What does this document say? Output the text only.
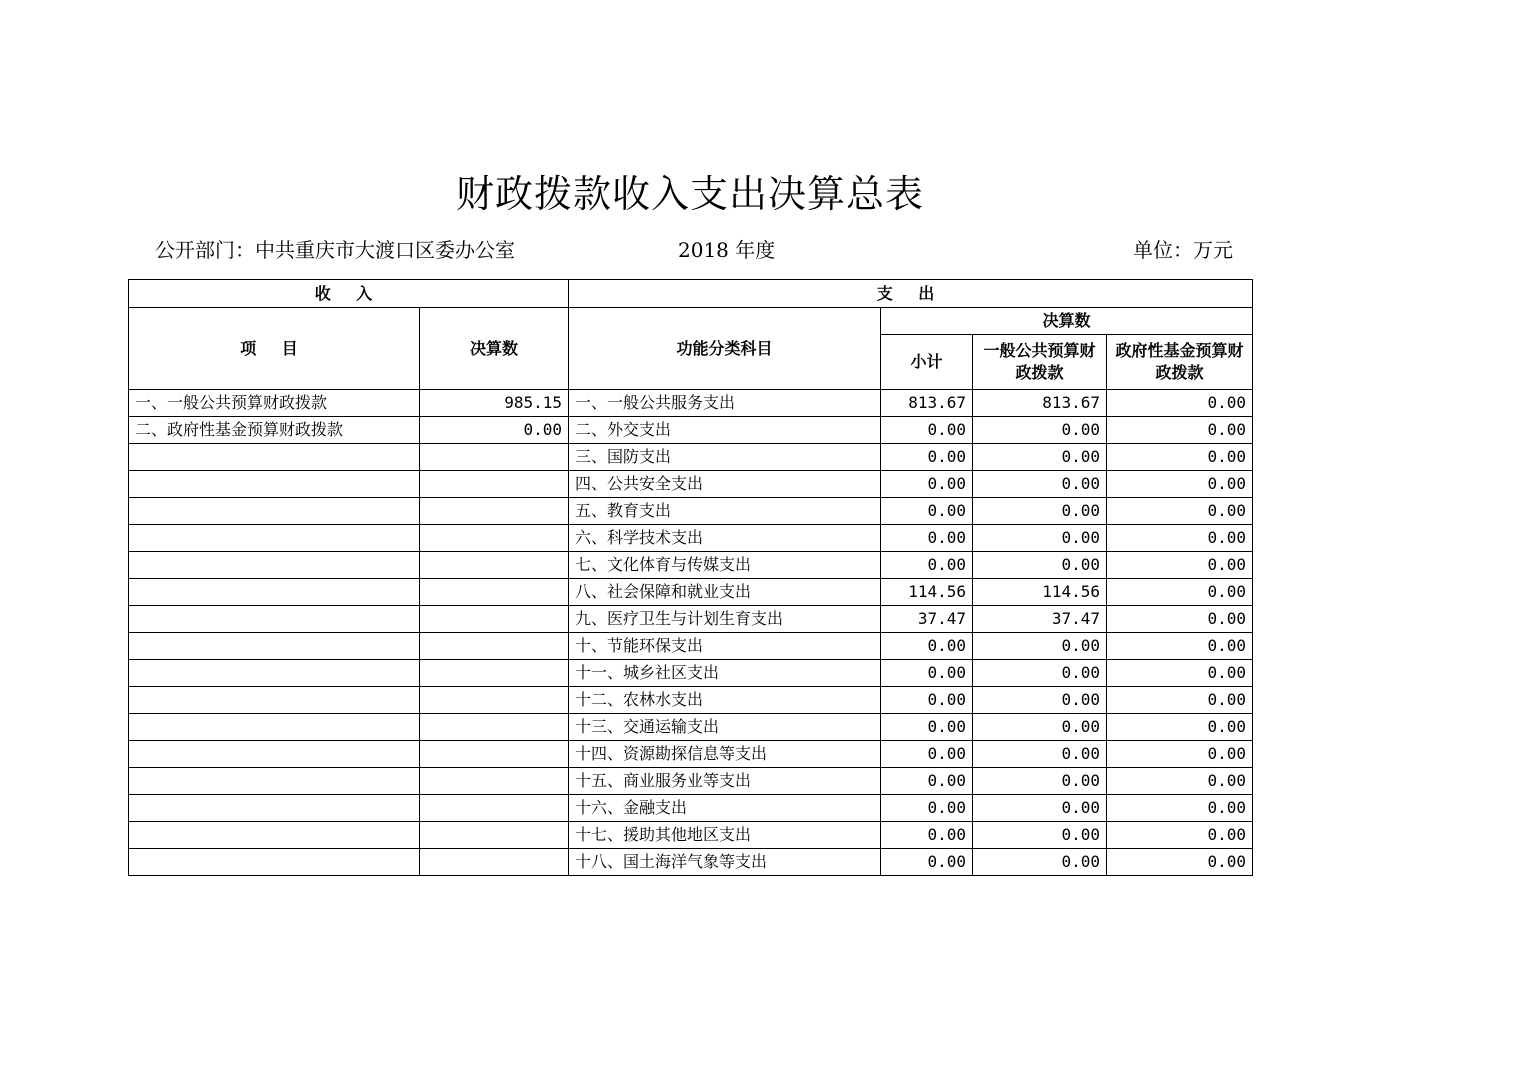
财政拨款收入支出决算总表
公开部门：中共重庆市大渡口区委办公室	2018 年度	单位：万元
收 入		支 出			
项 目	决算数	功能分类科目	决算数		
			小计	一般公共预算财政拨款	政府性基金预算财政拨款
一、一般公共预算财政拨款	985.15	一、一般公共服务支出	813.67	813.67	0.00
二、政府性基金预算财政拨款	0.00	二、外交支出	0.00	0.00	0.00
		三、国防支出	0.00	0.00	0.00
		四、公共安全支出	0.00	0.00	0.00
		五、教育支出	0.00	0.00	0.00
		六、科学技术支出	0.00	0.00	0.00
		七、文化体育与传媒支出	0.00	0.00	0.00
		八、社会保障和就业支出	114.56	114.56	0.00
		九、医疗卫生与计划生育支出	37.47	37.47	0.00
		十、节能环保支出	0.00	0.00	0.00
		十一、城乡社区支出	0.00	0.00	0.00
		十二、农林水支出	0.00	0.00	0.00
		十三、交通运输支出	0.00	0.00	0.00
		十四、资源勘探信息等支出	0.00	0.00	0.00
		十五、商业服务业等支出	0.00	0.00	0.00
		十六、金融支出	0.00	0.00	0.00
		十七、援助其他地区支出	0.00	0.00	0.00
		十八、国土海洋气象等支出	0.00	0.00	0.00
